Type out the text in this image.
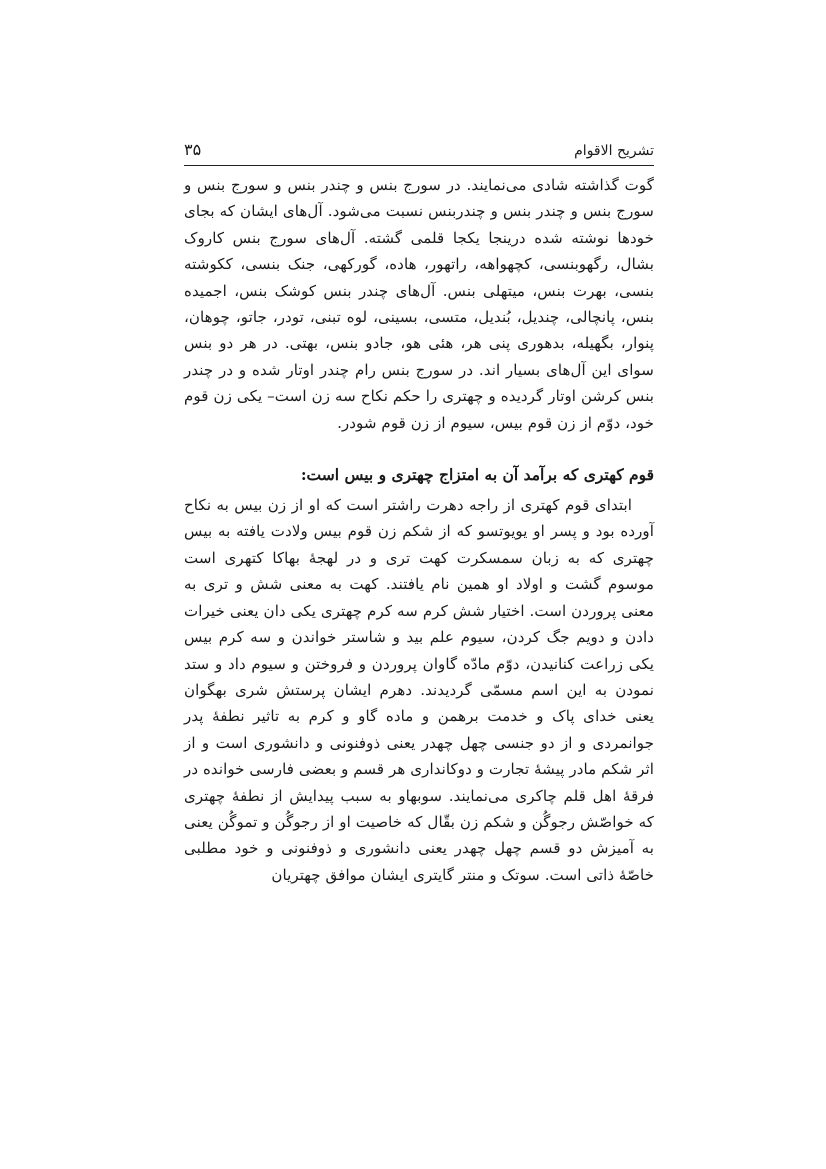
تشریح الاقوام
۳۵

گوت گذاشته شادی می‌نمایند. در سورج بنس و چندر بنس و سورج بنس و سورج بنس و چندر بنس و چندربنس نسبت می‌شود. آل‌های ایشان که بجای خودها نوشته شده درینجا یکجا قلمی گشته. آل‌های سورج بنس کاروک بشال، رگهوبنسی، کچهواهه، راتهور، هاده، گورکهی، جنک بنسی، ککوشته بنسی، بهرت بنس، میتهلی بنس. آل‌های چندر بنس کوشک بنس، اجمیده بنس، پانچالی، چندیل، بُندیل، متسی، بسینی، لوه تبنی، تودر، جاتو، چوهان، پنوار، بگهیله، بدهوری پنی هر، هئی هو، جادو بنس، بهتی. در هر دو بنس سوای این آل‌های بسیار اند. در سورج بنس رام چندر اوتار شده و در چندر بنس کرشن اوتار گردیده و چهتری را حکم نکاح سه زن است– یکی زن قوم خود، دوّم از زن قوم بیس، سیوم از زن قوم شودر.

قوم کهتری که برآمد آن به امتزاج چهتری و بیس است:

ابتدای قوم کهتری از راجه دهرت راشتر است که او از زن بیس به نکاح آورده بود و پسر او یویوتسو که از شکم زن قوم بیس ولادت یافته به بیس چهتری که به زبان سمسکرت کهت تری و در لهجهٔ بهاکا کتهری است موسوم گشت و اولاد او همین نام یافتند. کهت به معنی شش و تری به معنی پروردن است. اختیار شش کرم سه کرم چهتری یکی دان یعنی خیرات دادن و دویم جگ کردن، سیوم علم بید و شاستر خواندن و سه کرم بیس یکی زراعت کنانیدن، دوّم مادّه گاوان پروردن و فروختن و سیوم داد و ستد نمودن به این اسم مسمّی گردیدند. دهرم ایشان پرستش شری بهگوان یعنی خدای پاک و خدمت برهمن و ماده گاو و کرم به تاثیر نطفهٔ پدر جوانمردی و از دو جنسی چهل چهدر یعنی ذوفنونی و دانشوری است و از اثر شکم مادر پیشهٔ تجارت و دوکانداری هر قسم و بعضی فارسی خوانده در فرقهٔ اهل قلم چاکری می‌نمایند. سوبهاو به سبب پیدایش از نطفهٔ چهتری که خواصّش رجوگُن و شکم زن بقّال که خاصیت او از رجوگُن و تموگُن یعنی به آمیزش دو قسم چهل چهدر یعنی دانشوری و ذوفنونی و خود مطلبی خاصّهٔ ذاتی است. سوتک و منتر گایتری ایشان موافق چهتریان
